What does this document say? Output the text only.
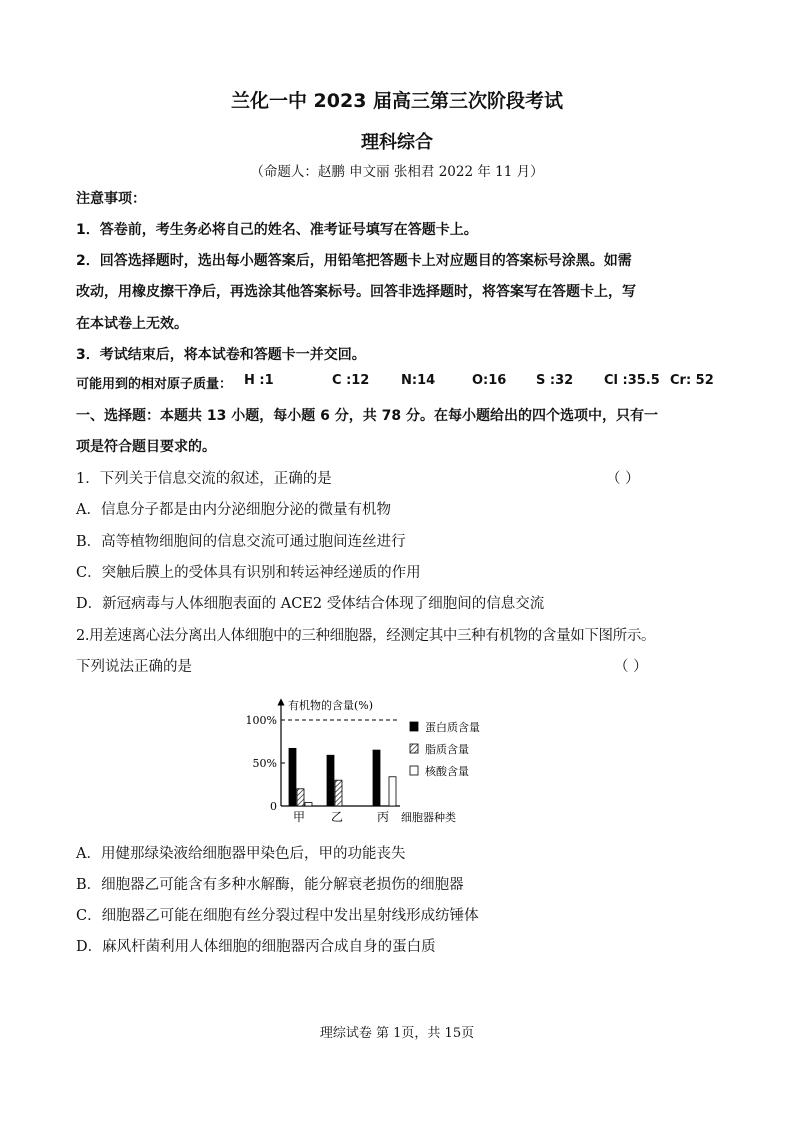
兰化一中 2023 届高三第三次阶段考试
理科综合
（命题人：赵鹏 申文丽 张相君 2022 年 11 月）
注意事项：
1．答卷前，考生务必将自己的姓名、准考证号填写在答题卡上。
2．回答选择题时，选出每小题答案后，用铅笔把答题卡上对应题目的答案标号涂黑。如需
改动，用橡皮擦干净后，再选涂其他答案标号。回答非选择题时，将答案写在答题卡上，写
在本试卷上无效。
3．考试结束后，将本试卷和答题卡一并交回。
可能用到的相对原子质量： H :1	C :12 N:14	O:16 S :32 Cl :35.5 Cr: 52
一、选择题：本题共 13 小题，每小题 6 分，共 78 分。在每小题给出的四个选项中，只有一
项是符合题目要求的。
1．下列关于信息交流的叙述，正确的是	（ ）
A．信息分子都是由内分泌细胞分泌的微量有机物
B．高等植物细胞间的信息交流可通过胞间连丝进行
C．突触后膜上的受体具有识别和转运神经递质的作用
D．新冠病毒与人体细胞表面的 ACE2 受体结合体现了细胞间的信息交流
2.用差速离心法分离出人体细胞中的三种细胞器，经测定其中三种有机物的含量如下图所示。
下列说法正确的是	（ ）
100%
50%
0
有机物的含量(%)
甲 乙	丙 细胞器种类
蛋白质含量
脂质含量
核酸含量
A．用健那绿染液给细胞器甲染色后，甲的功能丧失
B．细胞器乙可能含有多种水解酶，能分解衰老损伤的细胞器
C．细胞器乙可能在细胞有丝分裂过程中发出星射线形成纺锤体
D．麻风杆菌利用人体细胞的细胞器丙合成自身的蛋白质
理综试卷 第 1页，共 15页
